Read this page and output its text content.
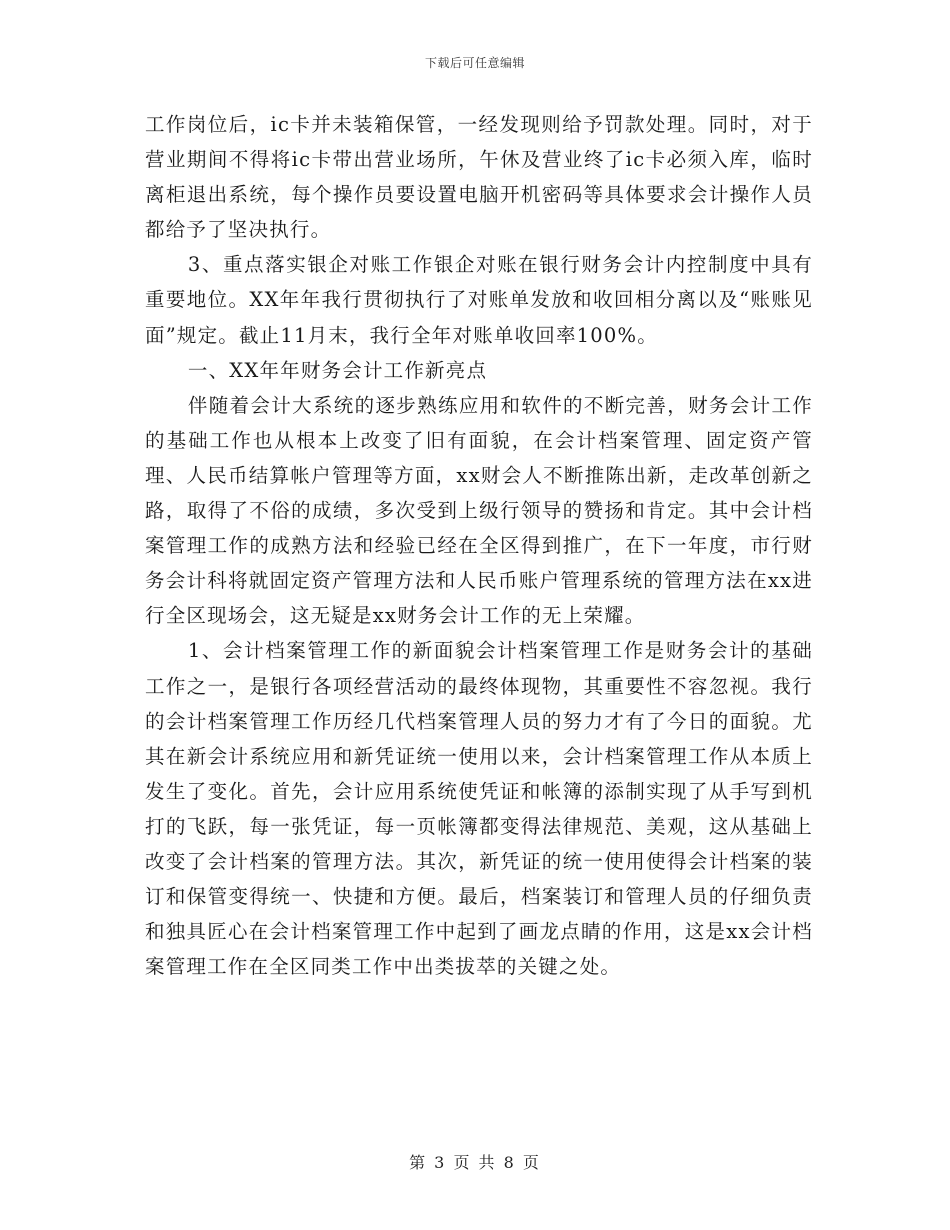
下载后可任意编辑

工作岗位后，ic卡并未装箱保管，一经发现则给予罚款处理。同时，对于营业期间不得将ic卡带出营业场所，午休及营业终了ic卡必须入库，临时离柜退出系统，每个操作员要设置电脑开机密码等具体要求会计操作人员都给予了坚决执行。

3、重点落实银企对账工作银企对账在银行财务会计内控制度中具有重要地位。XX年年我行贯彻执行了对账单发放和收回相分离以及“账账见面”规定。截止11月末，我行全年对账单收回率100%。

一、XX年年财务会计工作新亮点

伴随着会计大系统的逐步熟练应用和软件的不断完善，财务会计工作的基础工作也从根本上改变了旧有面貌，在会计档案管理、固定资产管理、人民币结算帐户管理等方面，xx财会人不断推陈出新，走改革创新之路，取得了不俗的成绩，多次受到上级行领导的赞扬和肯定。其中会计档案管理工作的成熟方法和经验已经在全区得到推广，在下一年度，市行财务会计科将就固定资产管理方法和人民币账户管理系统的管理方法在xx进行全区现场会，这无疑是xx财务会计工作的无上荣耀。

1、会计档案管理工作的新面貌会计档案管理工作是财务会计的基础工作之一，是银行各项经营活动的最终体现物，其重要性不容忽视。我行的会计档案管理工作历经几代档案管理人员的努力才有了今日的面貌。尤其在新会计系统应用和新凭证统一使用以来，会计档案管理工作从本质上发生了变化。首先，会计应用系统使凭证和帐簿的添制实现了从手写到机打的飞跃，每一张凭证，每一页帐簿都变得法律规范、美观，这从基础上改变了会计档案的管理方法。其次，新凭证的统一使用使得会计档案的装订和保管变得统一、快捷和方便。最后，档案装订和管理人员的仔细负责和独具匠心在会计档案管理工作中起到了画龙点睛的作用，这是xx会计档案管理工作在全区同类工作中出类拔萃的关键之处。

第 3 页 共 8 页
